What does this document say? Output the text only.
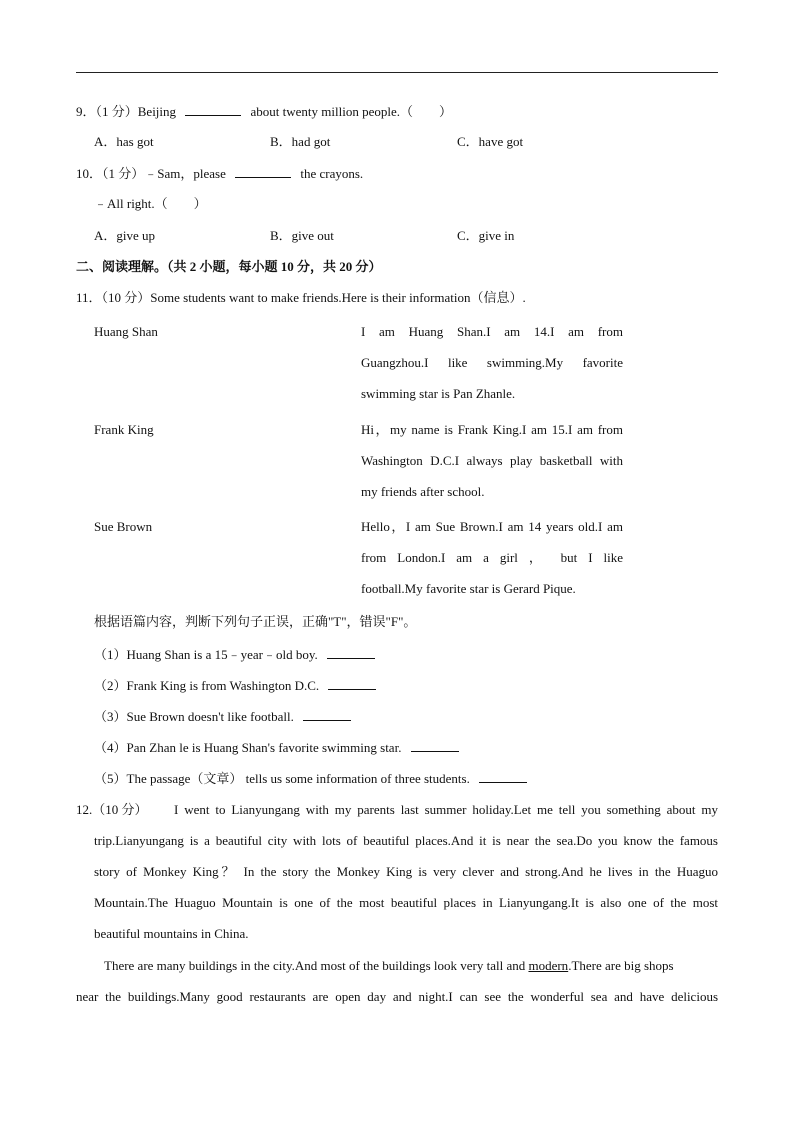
9．（1 分）Beijing	about twenty million people.（　　）
A．has got	B．had got	C．have got
10．（1 分）﹣Sam，please	the crayons.
﹣All right.（　　）
A．give up	B．give out	C．give in
二、阅读理解。（共 2 小题，每小题 10 分，共 20 分）
11．（10 分）Some students want to make friends.Here is their information（信息）.
Huang Shan	I am Huang Shan.I am 14.I am from
Guangzhou.I like swimming.My favorite
swimming star is Pan Zhanle.
Frank King	Hi，my name is Frank King.I am 15.I am from
Washington D.C.I always play basketball with
my friends after school.
Sue Brown	Hello，I am Sue Brown.I am 14 years old.I am
from London.I am a girl ， but I like
football.My favorite star is Gerard Pique.
根据语篇内容，判断下列句子正误，正确"T"，错误"F"。
（1）Huang Shan is a 15﹣year﹣old boy.
（2）Frank King is from Washington D.C.
（3）Sue Brown doesn't like football.
（4）Pan Zhan le is Huang Shan's favorite swimming star.
（5）The passage（文章） tells us some information of three students.
12.（10 分） I went to Lianyungang with my parents last summer holiday.Let me tell you something about my
trip.Lianyungang is a beautiful city with lots of beautiful places.And it is near the sea.Do you know the famous
story of Monkey King？ In the story the Monkey King is very clever and strong.And he lives in the Huaguo
Mountain.The Huaguo Mountain is one of the most beautiful places in Lianyungang.It is also one of the most
beautiful mountains in China.
There are many buildings in the city.And most of the buildings look very tall and modern.There are big shops
near the buildings.Many good restaurants are open day and night.I can see the wonderful sea and have delicious
